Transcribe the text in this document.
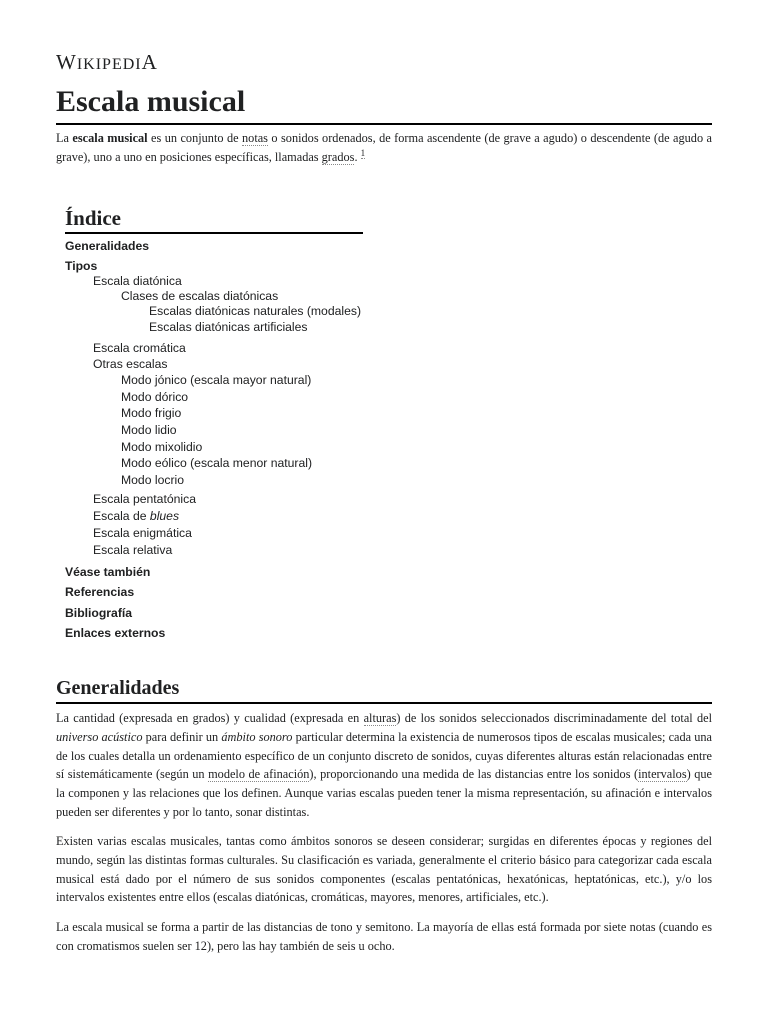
WIKIPEDIA
Escala musical

La escala musical es un conjunto de notas o sonidos ordenados, de forma ascendente (de grave a agudo) o descendente (de agudo a grave), uno a uno en posiciones específicas, llamadas grados. $^1$

Índice
Generalidades
Tipos
Escala diatónica
Clases de escalas diatónicas
Escalas diatónicas naturales (modales)
Escalas diatónicas artificiales
Escala cromática
Otras escalas
Modo jónico (escala mayor natural)
Modo dórico
Modo frigio
Modo lidio
Modo mixolidio
Modo eólico (escala menor natural)
Modo locrio
Escala pentatónica
Escala de blues
Escala enigmática
Escala relativa
Véase también
Referencias
Bibliografía
Enlaces externos
Generalidades

La cantidad (expresada en grados) y cualidad (expresada en alturas) de los sonidos seleccionados discriminadamente del total del universo acústico para definir un ámbito sonoro particular determina la existencia de numerosos tipos de escalas musicales; cada una de los cuales detalla un ordenamiento específico de un conjunto discreto de sonidos, cuyas diferentes alturas están relacionadas entre sí sistemáticamente (según un modelo de afinación), proporcionando una medida de las distancias entre los sonidos (intervalos) que la componen y las relaciones que los definen. Aunque varias escalas pueden tener la misma representación, su afinación e intervalos pueden ser diferentes y por lo tanto, sonar distintas.

Existen varias escalas musicales, tantas como ámbitos sonoros se deseen considerar; surgidas en diferentes épocas y regiones del mundo, según las distintas formas culturales. Su clasificación es variada, generalmente el criterio básico para categorizar cada escala musical está dado por el número de sus sonidos componentes (escalas pentatónicas, hexatónicas, heptatónicas, etc.), y/o los intervalos existentes entre ellos (escalas diatónicas, cromáticas, mayores, menores, artificiales, etc.).

La escala musical se forma a partir de las distancias de tono y semitono. La mayoría de ellas está formada por siete notas (cuando es con cromatismos suelen ser 12), pero las hay también de seis u ocho.
